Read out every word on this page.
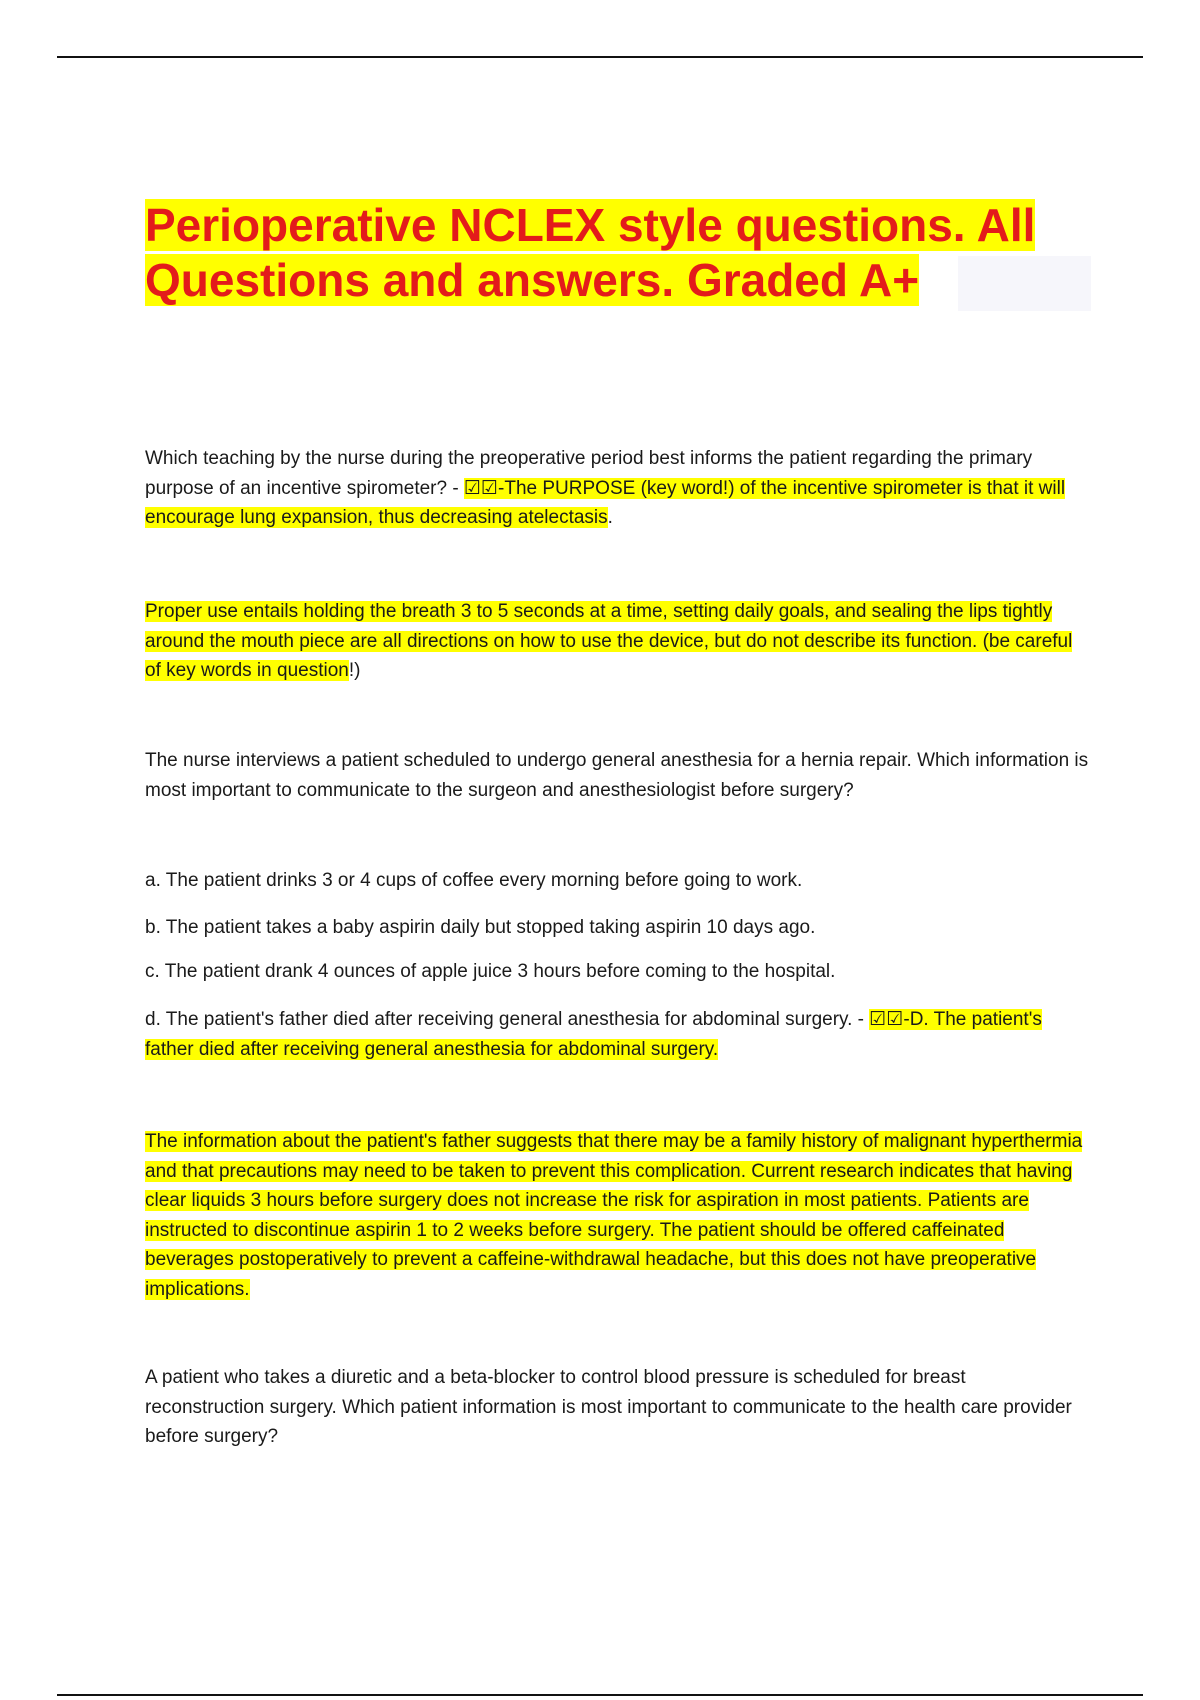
Perioperative NCLEX style questions. All Questions and answers. Graded A+

Which teaching by the nurse during the preoperative period best informs the patient regarding the primary purpose of an incentive spirometer? - ☑☑-The PURPOSE (key word!) of the incentive spirometer is that it will encourage lung expansion, thus decreasing atelectasis.

Proper use entails holding the breath 3 to 5 seconds at a time, setting daily goals, and sealing the lips tightly around the mouth piece are all directions on how to use the device, but do not describe its function. (be careful of key words in question!)

The nurse interviews a patient scheduled to undergo general anesthesia for a hernia repair. Which information is most important to communicate to the surgeon and anesthesiologist before surgery?

a. The patient drinks 3 or 4 cups of coffee every morning before going to work.

b. The patient takes a baby aspirin daily but stopped taking aspirin 10 days ago.

c. The patient drank 4 ounces of apple juice 3 hours before coming to the hospital.

d. The patient's father died after receiving general anesthesia for abdominal surgery. - ☑☑-D. The patient's father died after receiving general anesthesia for abdominal surgery.

The information about the patient's father suggests that there may be a family history of malignant hyperthermia and that precautions may need to be taken to prevent this complication. Current research indicates that having clear liquids 3 hours before surgery does not increase the risk for aspiration in most patients. Patients are instructed to discontinue aspirin 1 to 2 weeks before surgery. The patient should be offered caffeinated beverages postoperatively to prevent a caffeine-withdrawal headache, but this does not have preoperative implications.

A patient who takes a diuretic and a beta-blocker to control blood pressure is scheduled for breast reconstruction surgery. Which patient information is most important to communicate to the health care provider before surgery?
